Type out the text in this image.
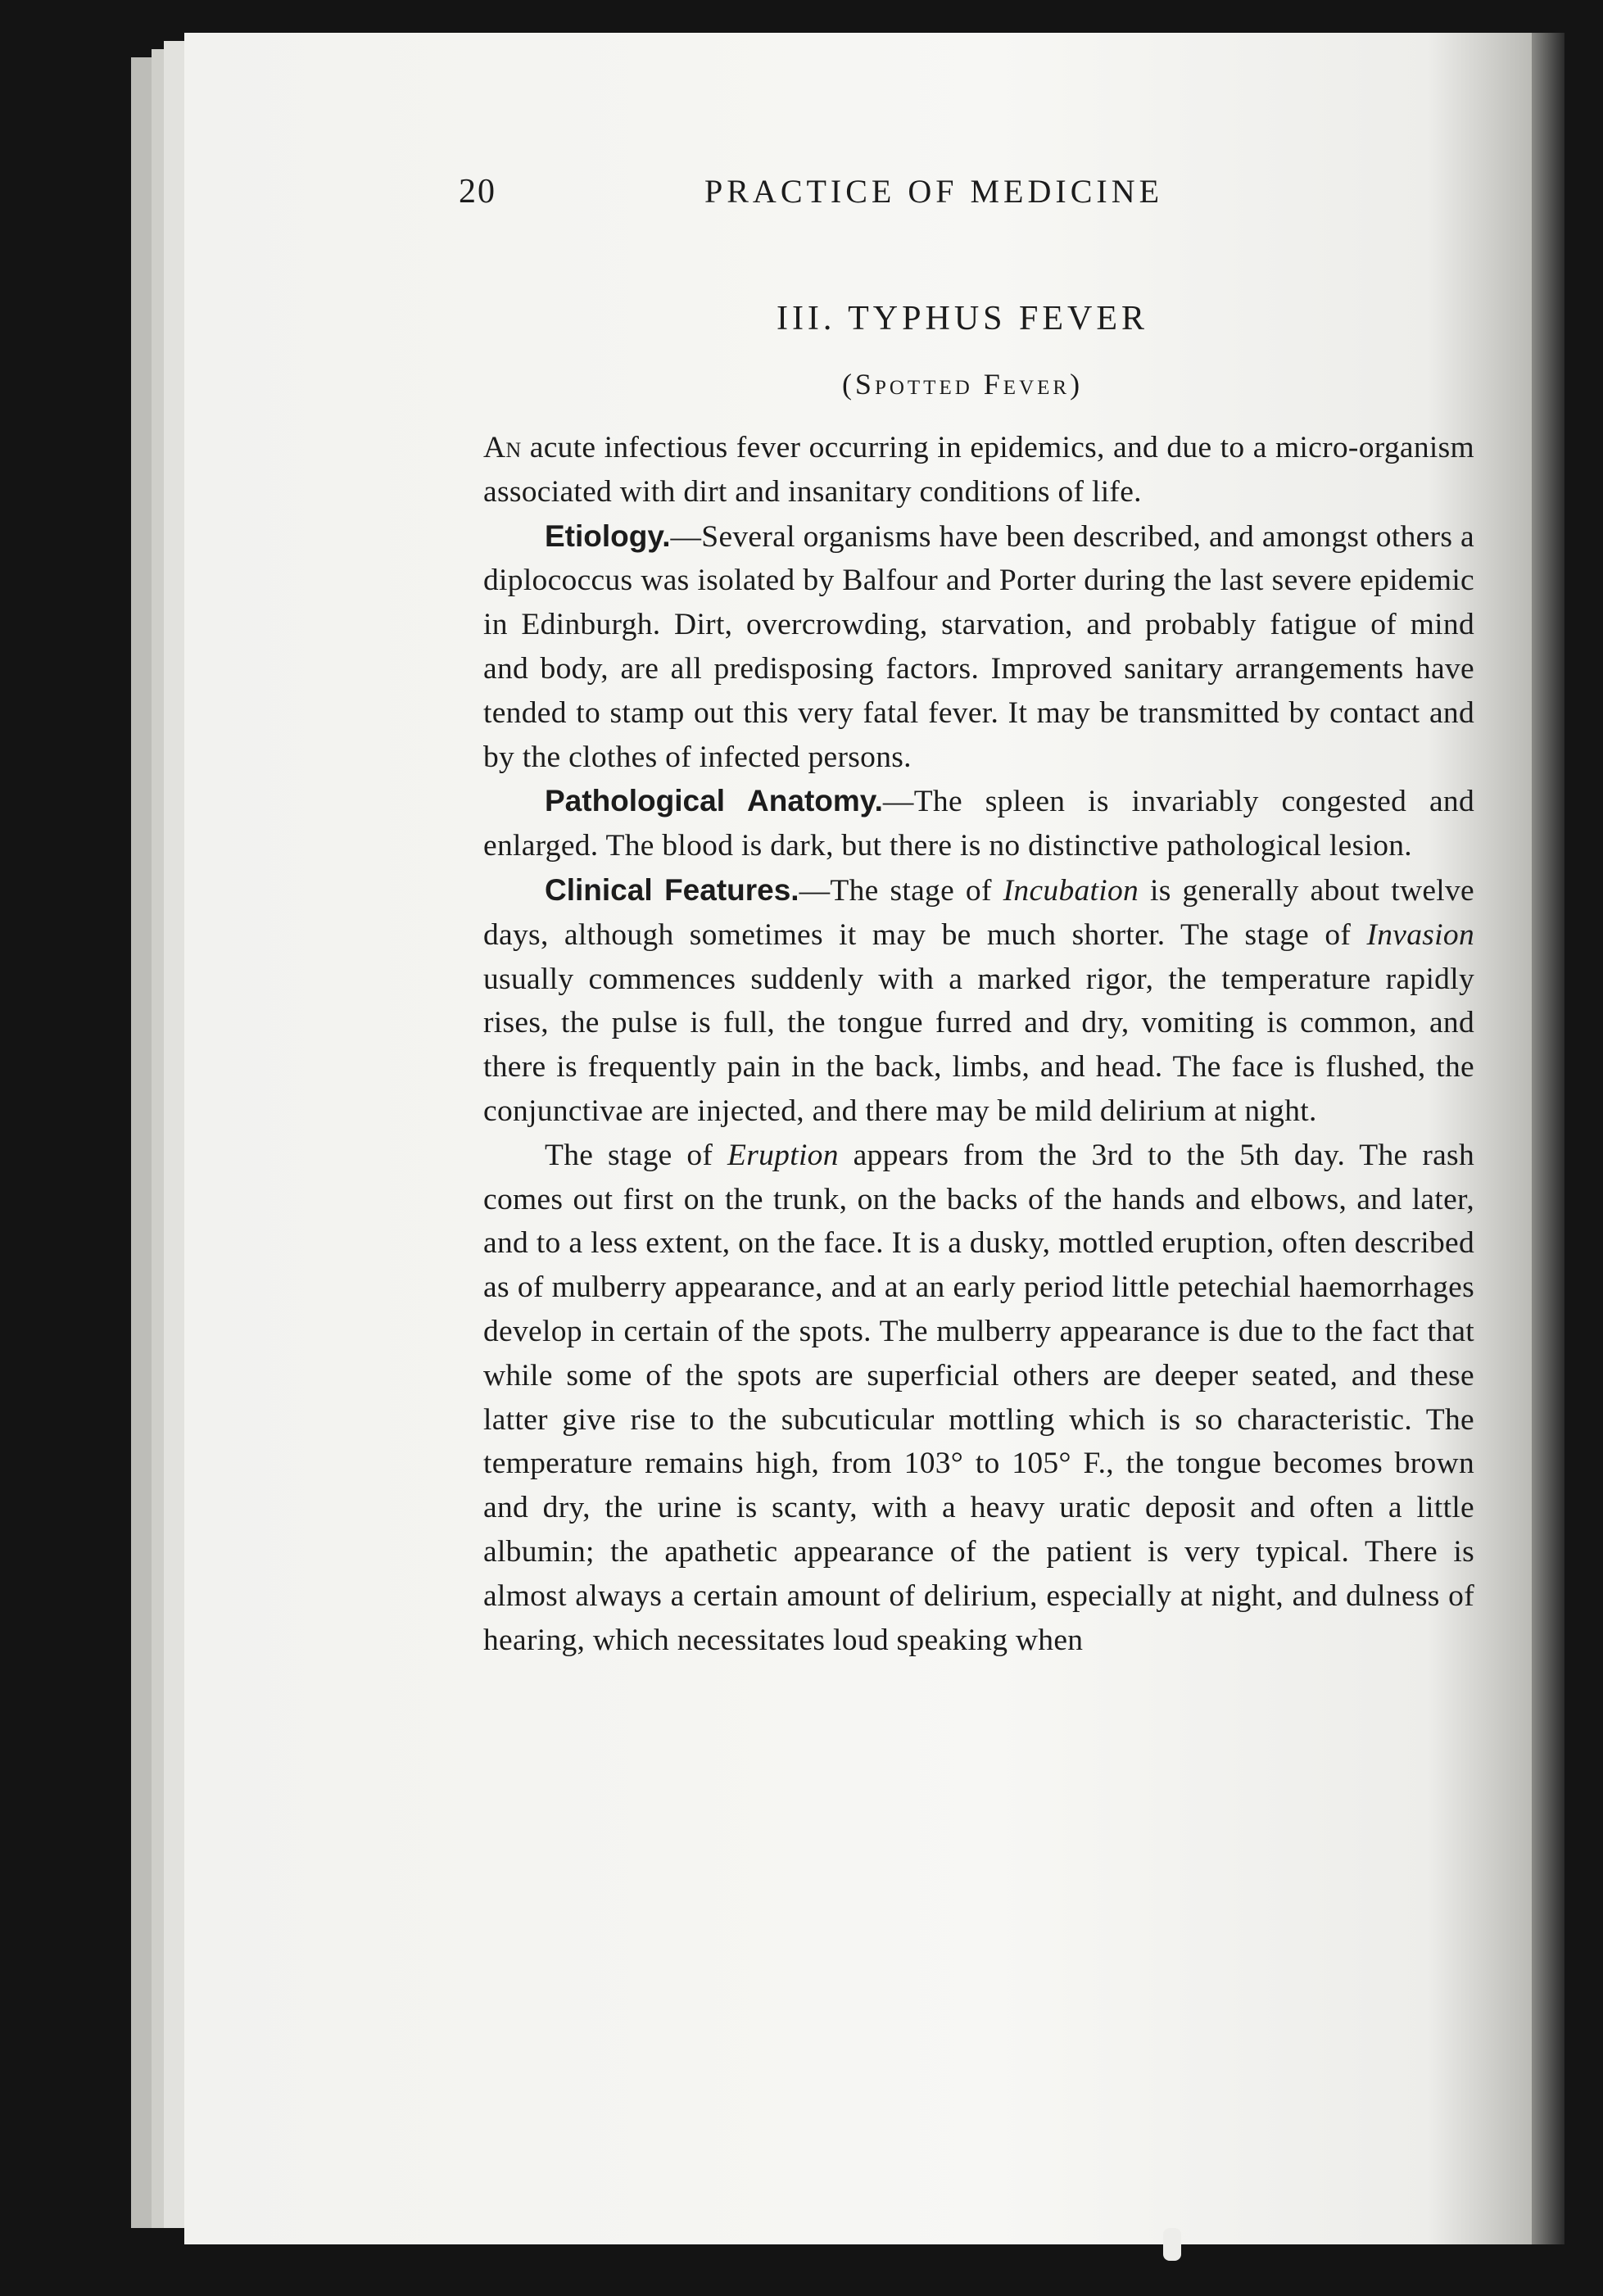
20	PRACTICE OF MEDICINE
III. TYPHUS FEVER
(Spotted Fever)

An acute infectious fever occurring in epidemics, and due to a micro-organism associated with dirt and insanitary conditions of life.

Etiology.—Several organisms have been described, and amongst others a diplococcus was isolated by Balfour and Porter during the last severe epidemic in Edinburgh. Dirt, overcrowding, starvation, and probably fatigue of mind and body, are all predisposing factors. Improved sanitary arrangements have tended to stamp out this very fatal fever. It may be transmitted by contact and by the clothes of infected persons.

Pathological Anatomy.—The spleen is invariably congested and enlarged. The blood is dark, but there is no distinctive pathological lesion.

Clinical Features.—The stage of Incubation is generally about twelve days, although sometimes it may be much shorter. The stage of Invasion usually commences suddenly with a marked rigor, the temperature rapidly rises, the pulse is full, the tongue furred and dry, vomiting is common, and there is frequently pain in the back, limbs, and head. The face is flushed, the conjunctivae are injected, and there may be mild delirium at night.

The stage of Eruption appears from the 3rd to the 5th day. The rash comes out first on the trunk, on the backs of the hands and elbows, and later, and to a less extent, on the face. It is a dusky, mottled eruption, often described as of mulberry appearance, and at an early period little petechial haemorrhages develop in certain of the spots. The mulberry appearance is due to the fact that while some of the spots are superficial others are deeper seated, and these latter give rise to the subcuticular mottling which is so characteristic. The temperature remains high, from 103° to 105° F., the tongue becomes brown and dry, the urine is scanty, with a heavy uratic deposit and often a little albumin; the apathetic appearance of the patient is very typical. There is almost always a certain amount of delirium, especially at night, and dulness of hearing, which necessitates loud speaking when
